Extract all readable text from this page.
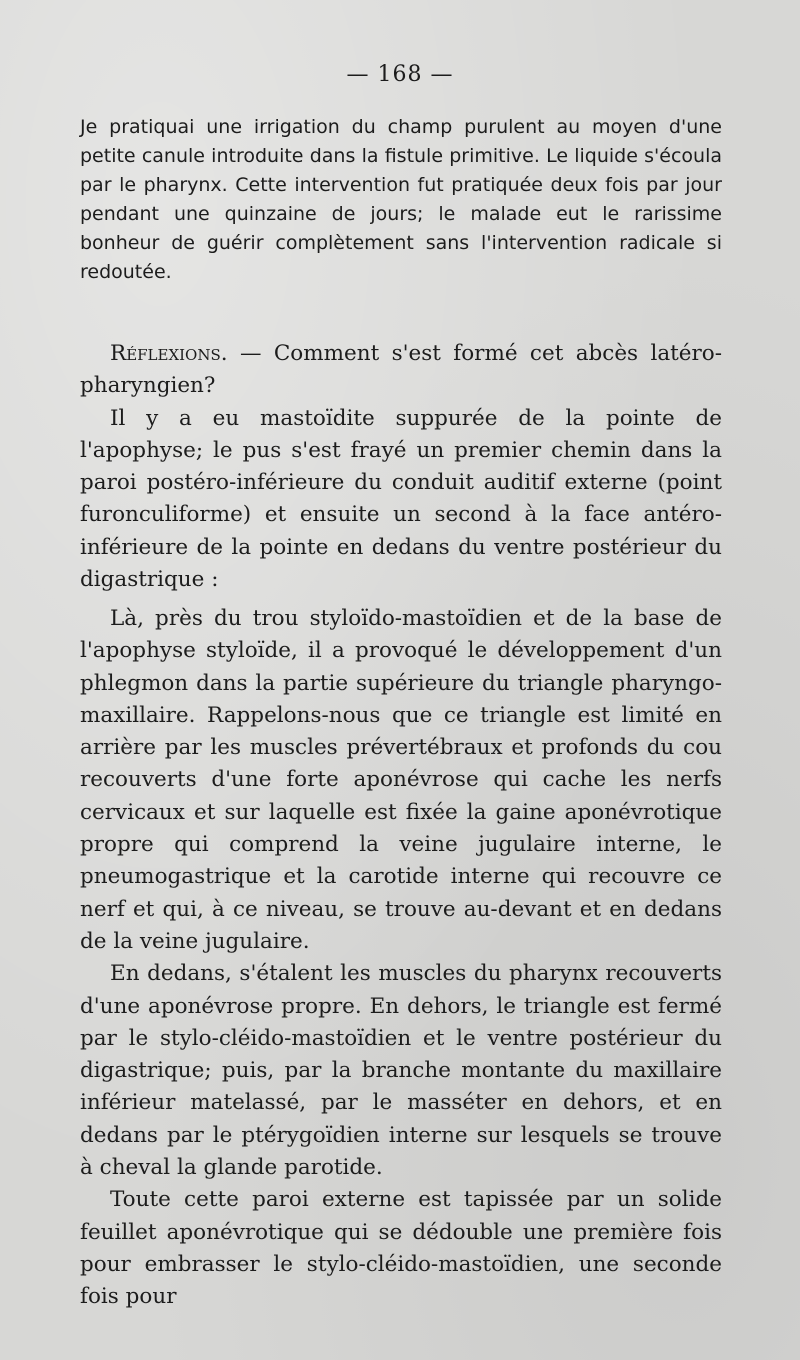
— 168 —
Je pratiquai une irrigation du champ purulent au moyen d'une petite canule introduite dans la fistule primitive. Le liquide s'écoula par le pharynx. Cette intervention fut pratiquée deux fois par jour pendant une quinzaine de jours; le malade eut le rarissime bonheur de guérir complètement sans l'intervention radicale si redoutée.

Réflexions. — Comment s'est formé cet abcès latéro-pharyngien?

Il y a eu mastoïdite suppurée de la pointe de l'apophyse; le pus s'est frayé un premier chemin dans la paroi postéro-inférieure du conduit auditif externe (point furonculiforme) et ensuite un second à la face antéro-inférieure de la pointe en dedans du ventre postérieur du digastrique :

Là, près du trou styloïdo-mastoïdien et de la base de l'apophyse styloïde, il a provoqué le développement d'un phlegmon dans la partie supérieure du triangle pharyngo-maxillaire. Rappelons-nous que ce triangle est limité en arrière par les muscles prévertébraux et profonds du cou recouverts d'une forte aponévrose qui cache les nerfs cervicaux et sur laquelle est fixée la gaine aponévrotique propre qui comprend la veine jugulaire interne, le pneumogastrique et la carotide interne qui recouvre ce nerf et qui, à ce niveau, se trouve au-devant et en dedans de la veine jugulaire.

En dedans, s'étalent les muscles du pharynx recouverts d'une aponévrose propre. En dehors, le triangle est fermé par le stylo-cléido-mastoïdien et le ventre postérieur du digastrique; puis, par la branche montante du maxillaire inférieur matelassé, par le masséter en dehors, et en dedans par le ptérygoïdien interne sur lesquels se trouve à cheval la glande parotide.

Toute cette paroi externe est tapissée par un solide feuillet aponévrotique qui se dédouble une première fois pour embrasser le stylo-cléido-mastoïdien, une seconde fois pour
